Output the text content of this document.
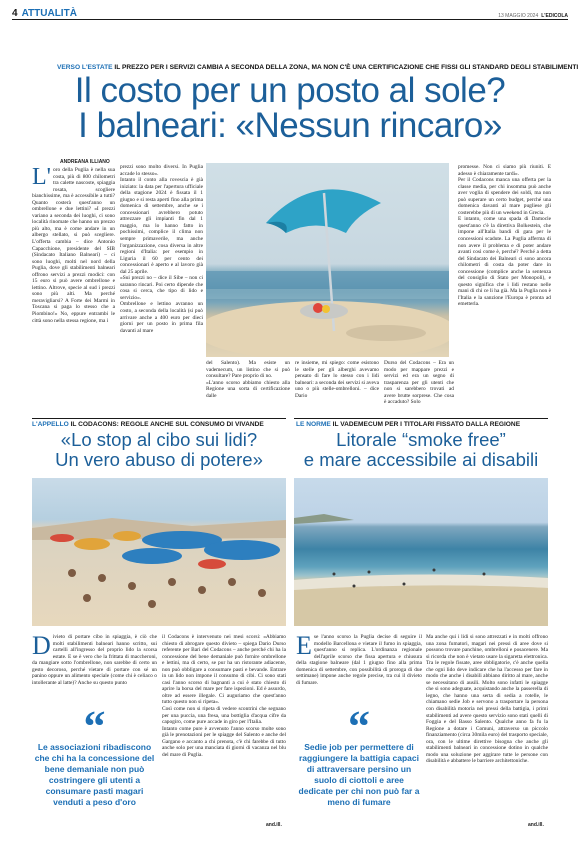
4 ATTUALITÀ	13 MAGGIO 2024 L'EDICOLA
VERSO L'ESTATE IL PREZZO PER I SERVIZI CAMBIA A SECONDA DELLA ZONA, MA NON C'È UNA CERTIFICAZIONE CHE FISSI GLI STANDARD DEGLI STABILIMENTI
Il costo per un posto al sole?
I balneari: «Nessun rincaro»
ANDREANA ILLIANO
L' oro della Puglia è nella sua costa, più di 800 chilometri tra calette nascoste, spiaggia rosata, scogliere bianchissime, ma è accessibile a tutti? Quanto costerà quest'anno un ombrellone e due lettini? «I prezzi variano a seconda dei luoghi, ci sono località rinomate che hanno un prezzo più alto, ma è come andare in un albergo stellato, si può scegliere. L'offerta cambia – dice Antonio Capacchione, presidente del SIB (Sindacato Italiano Balneari) – ci sono luoghi, molti nel nord della Puglia, dove gli stabilimenti balneari offrono servizi a prezzi modici: con 15 euro si può avere ombrellone e lettino. Altrove, specie al sud i prezzi sono più alti. Ma perché meravigliarsi? A Forte dei Marmi in Toscana si paga lo stesso che a Piombino!» No, eppure entrambi le città sono nella stessa regione, ma i
prezzi sono molto diversi. In Puglia accade lo stesso».
Intanto il conto alla rovescia è già iniziato: la data per l'apertura ufficiale della stagione 2024 è fissata il 1 giugno e si resta aperti fino alla prima domenica di settembre, anche se i concessionari avrebbero potuto attrezzare gli impianti fin dal 1 maggio, ma lo hanno fatto in pochissimi, complice il clima non sempre primaverile, ma anche l'organizzazione, cosa diversa in altre regioni d'Italia: per esempio in Liguria il 60 per cento dei concessionari è aperto e al lavoro già dal 25 aprile.
«Sui prezzi no – dice il Sibe – non ci saranno rincari. Poi certo dipende che cosa si cerca, che tipo di lido e servizio».
Ombrellone e lettino avranno un costo, a seconda della località (si può arrivare anche a 400 euro per dieci giorni per un posto in prima fila davanti al mare
del Salento). Ma esiste un vademecum, un listino che si può consultare? Pare proprio di no.
«L'anno scorso abbiamo chiesto alla Regione una sorta di certificazione dalle
re insieme, mi spiego: come esistono le stelle per gli alberghi avevamo pensato di fare lo stesso con i lidi balneari: a seconda dei servizi si aveva uno o più stelle-ombrelloni. – dice Dario
Durso del Codacons – Era un modo per mappare prezzi e servizi ed era un segno di trasparenza per gli utenti che non si sarebbero trovati ad avere brutte sorprese. Che cosa è accaduto? Solo
promesse. Non ci siamo più riuniti. E adesso è chiaramente tardi».
Per il Codacons manca una offerta per la classe media, per chi insomma può anche aver voglia di spendere dei soldi, ma non può superare un certo budget, perché una domenica davanti al mare pugliese gli costerebbe più di un weekend in Grecia.
E intanto, come una spada di Damocle quest'anno c'è la direttiva Bolkestein, che impone all'Italia bandi di gara per le concessioni scadute. La Puglia afferma di non avere il problema e di poter andare avanti così come è, perché? Perché a detta del Sindacato dei Balneari ci sono ancora chilometri di costa da poter dare in concessione (complice anche la sentenza del consiglio di Stato per Monopoli), e questo significa che i lidi restano nelle mani di chi ce li ha già. Ma la Puglia non è l'Italia e la sanzione l'Europa è pronta ad emetterla.
L'APPELLO IL CODACONS: REGOLE ANCHE SUL CONSUMO DI VIVANDE
«Lo stop al cibo sui lidi?
Un vero abuso di potere»
Divieto di portare cibo in spiaggia, è ciò che molti stabilimenti balneari hanno scritto, sui cartelli all'ingresso del proprio lido la scorsa estate. E se è vero che la frittata di maccheroni, da mangiare sotto l'ombrellone, non sarebbe di certo un gesto decoroso, perché vietare di portare con sé un panino oppure un alimento speciale (come chi è celiaco o intollerante al latte)? Anche su questo punto
il Codacons è intervenuto nei mesi scorsi: «Abbiamo chiesto di abrogare questo divieto – spiega Dario Durso referente per Bari del Codacons – anche perché chi ha la concessione del bene demaniale può fornire ombrellone e lettini, ma di certo, se pur ha un ristorante adiacente, non può obbligare a consumare pasti e bevande. Entrare in un lido non impone il consumo di cibi. Ci sono stati casi l'anno scorso di bagnanti a cui è stato chiesto di aprire la borsa del mare per fare ispezioni. Ed è assurdo, oltre ad essere illegale. Ci auguriamo che quest'anno tutto questo non si ripeta».
Così come non si ripeta di vedere scontrini che segnano per una puccia, una fresa, una bottiglia d'acqua cifre da capogiro, come pure accade in giro per l'Italia.
Intanto come pure è avvenuto l'anno scorso molte sono già le prenotazioni per le spiagge del Salento e anche del Gargano e accanto a chi prenota, c'è chi farebbe di tutto anche solo per una manciata di giorni di vacanza nel blu del mare di Puglia.
“
Le associazioni ribadiscono che chi ha la concessione del bene demaniale non può costringere gli utenti a consumare pasti magari venduti a peso d'oro
and.ill.
LE NORME IL VADEMECUM PER I TITOLARI FISSATO DALLA REGIONE
Litorale “smoke free”
e mare accessibile ai disabili
Ese l'anno scorso la Puglia decise di seguire il modello Barcellona e vietare il fumo in spiaggia, quest'anno si replica. L'ordinanza regionale dell'aprile scorso che fissa apertura e chiusura della stagione balneare (dal 1 giugno fino alla prima domenica di settembre, con possibilità di proroga di due settimane) impone anche regole precise, tra cui il divieto di fumare.
Ma anche qui i lidi si sono attrezzati e in molti offrono una zona fumatori, magari nei pressi di aree dove si possono trovare panchine, ombrelloni e posacenere. Ma si ricorda che non è vietato usare la sigaretta elettronica. Tra le regole fissate, aree obbligatorie, c'è anche quella che ogni lido deve indicare che ha l'accesso per fare in modo che anche i disabili abbiano diritto al mare, anche se necessitano di ausili. Molto sono infatti le spiagge che si sono adeguate, acquistando anche la passerella di legno, che hanno una serta di sedia a rotelle, le chiamano sedie Job e servono a trasportare la persona con disabilità motoria nei pressi della battigia, i primi stabilimenti ad avere questo servizio sono stati quelli di Foggia e del Basso Salento. Qualche anno fa fu la Regione a dotare i Comuni, attraverso un piccolo finanziamento (circa 30mila euro) del trasporto speciale, ora, con le ultime direttive bisogna che anche gli stabilimenti balneari in concessione dotino in qualche modo una soluzione per aggirare tutte le persone con disabilità e abbattere le barriere architettoniche.
“
Sedie job per permettere di raggiungere la battigia capaci di attraversare persino un suolo di ciottoli e aree dedicate per chi non può far a meno di fumare
and.ill.
